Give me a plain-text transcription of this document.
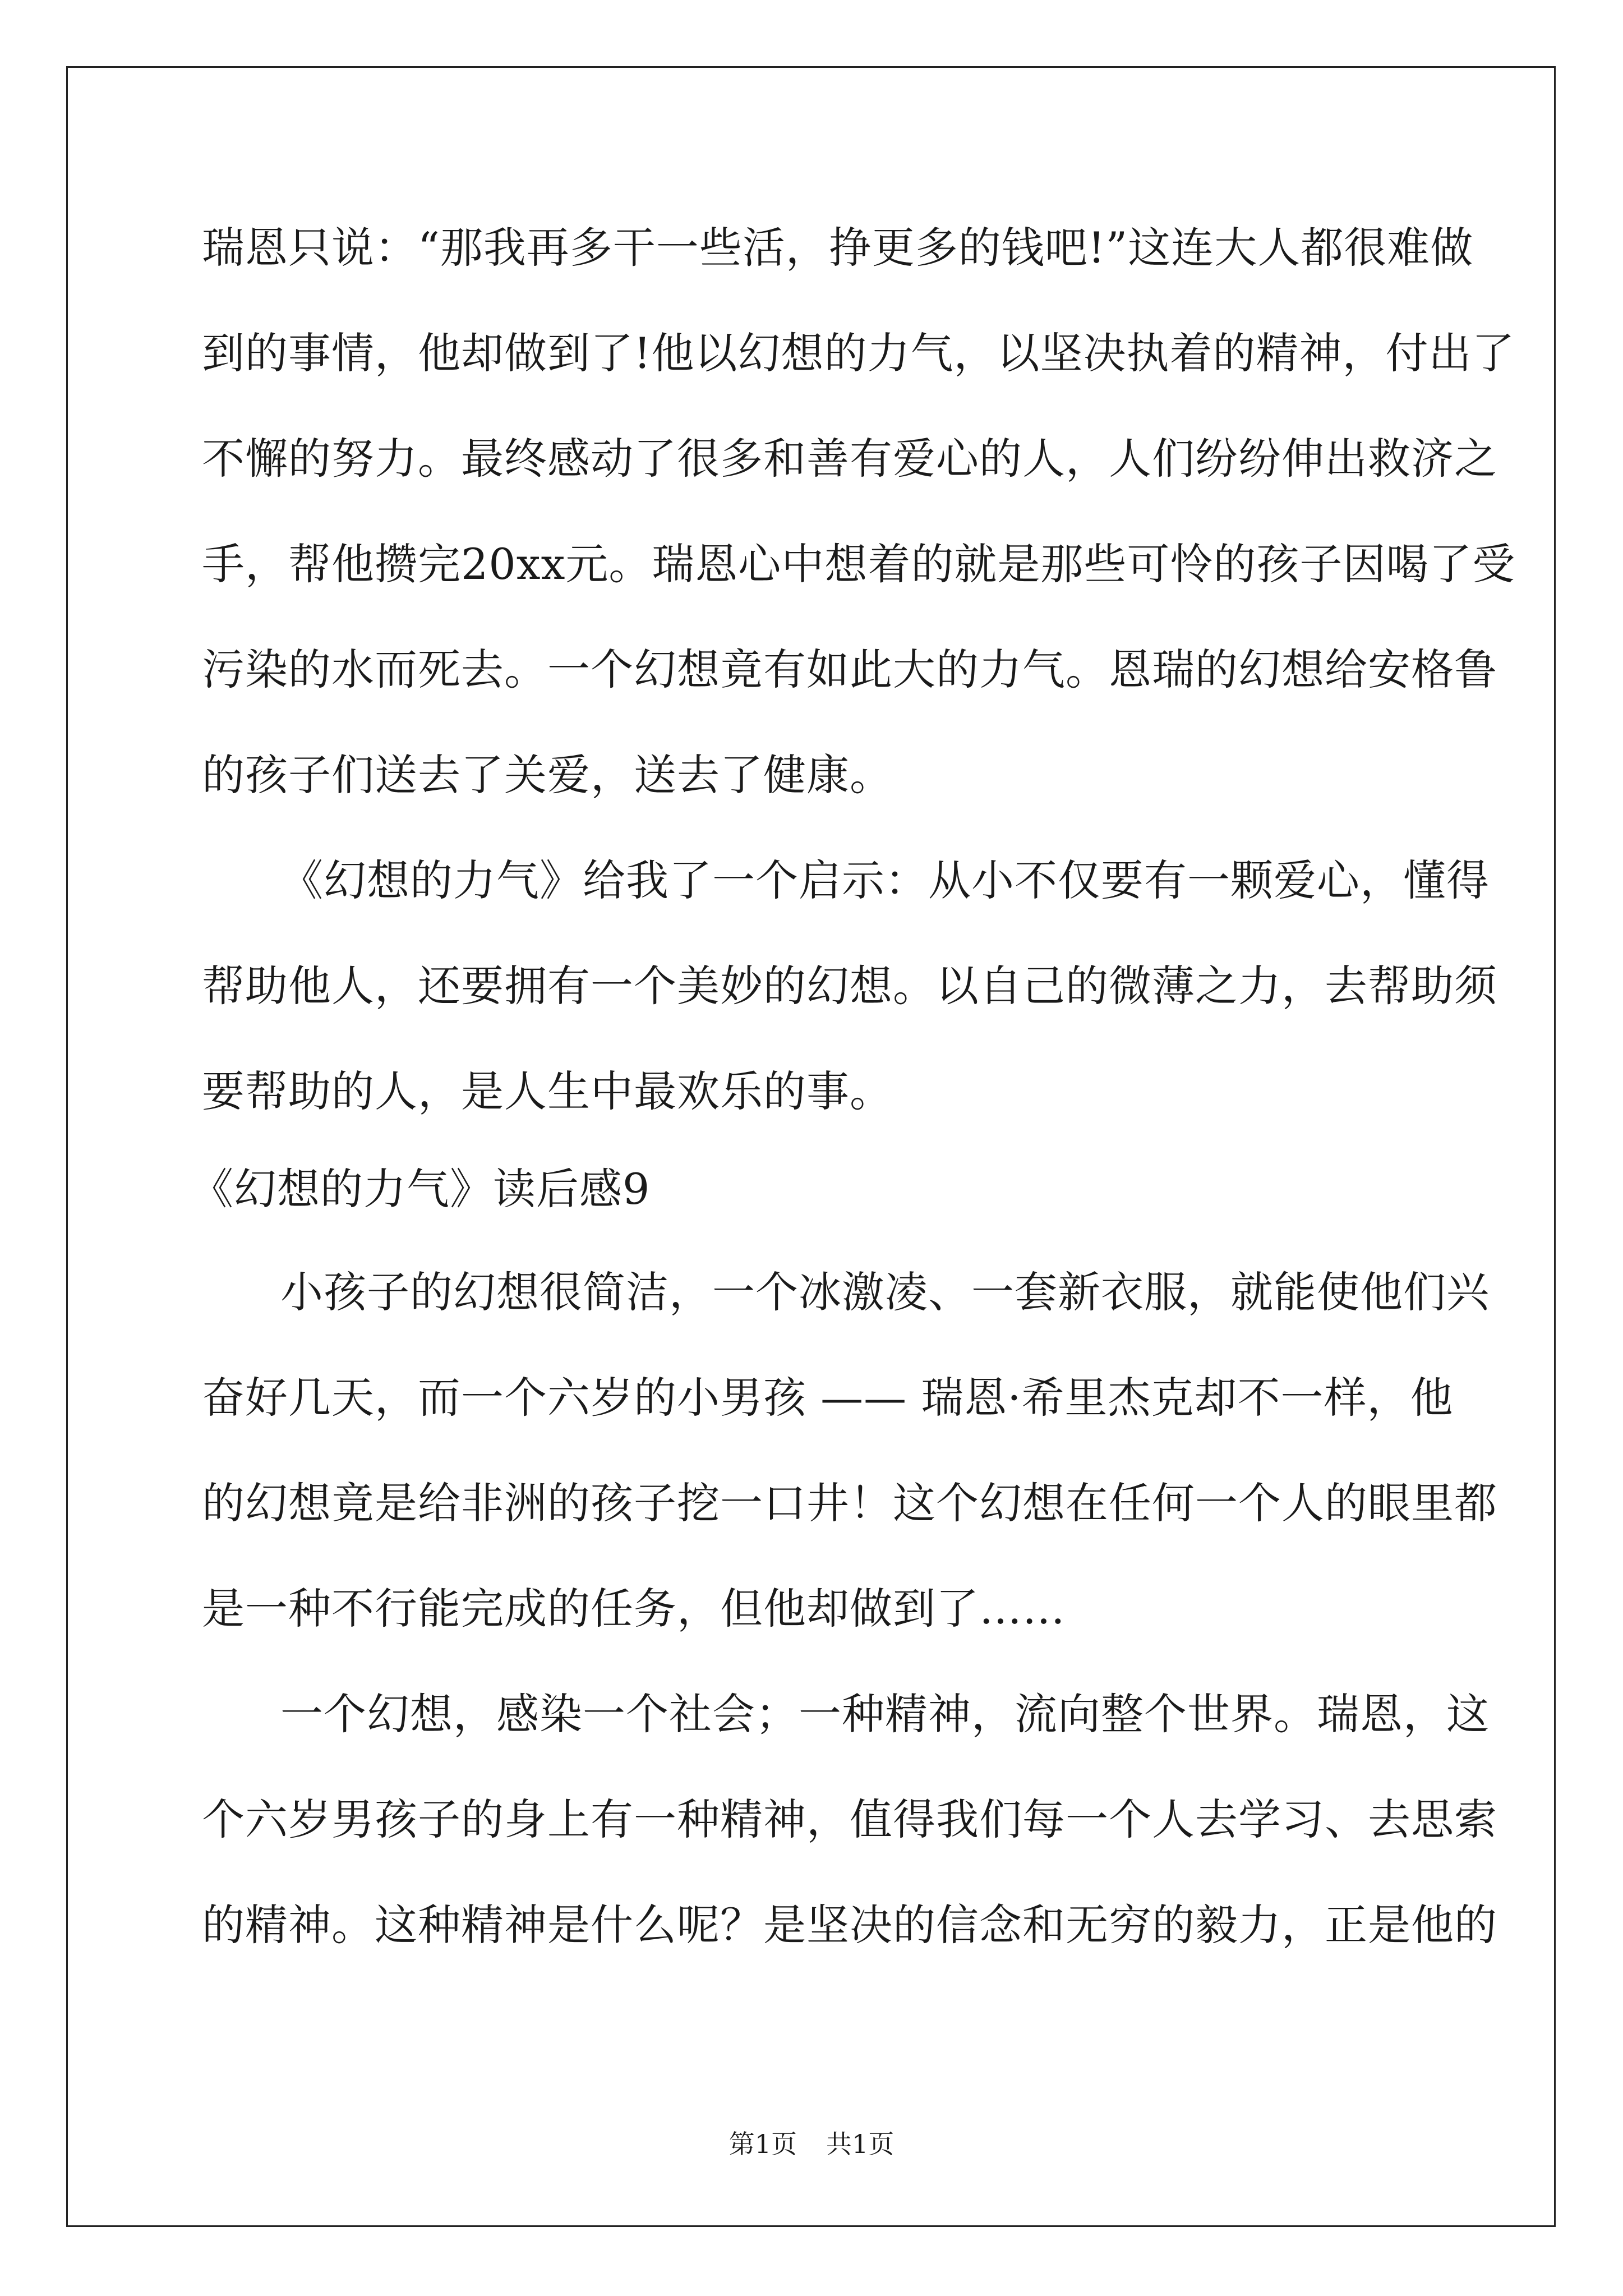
瑞恩只说：“那我再多干一些活，挣更多的钱吧!”这连大人都很难做
到的事情，他却做到了!他以幻想的力气，以坚决执着的精神，付出了
不懈的努力。最终感动了很多和善有爱心的人，人们纷纷伸出救济之
手，帮他攒完20xx元。瑞恩心中想着的就是那些可怜的孩子因喝了受
污染的水而死去。一个幻想竟有如此大的力气。恩瑞的幻想给安格鲁
的孩子们送去了关爱，送去了健康。
《幻想的力气》给我了一个启示：从小不仅要有一颗爱心，懂得
帮助他人，还要拥有一个美妙的幻想。以自己的微薄之力，去帮助须
要帮助的人，是人生中最欢乐的事。
《幻想的力气》读后感9
小孩子的幻想很简洁，一个冰激凌、一套新衣服，就能使他们兴
奋好几天，而一个六岁的小男孩 —— 瑞恩·希里杰克却不一样，他
的幻想竟是给非洲的孩子挖一口井！这个幻想在任何一个人的眼里都
是一种不行能完成的任务，但他却做到了……
一个幻想，感染一个社会；一种精神，流向整个世界。瑞恩，这
个六岁男孩子的身上有一种精神，值得我们每一个人去学习、去思索
的精神。这种精神是什么呢？是坚决的信念和无穷的毅力，正是他的
第1页 共1页
